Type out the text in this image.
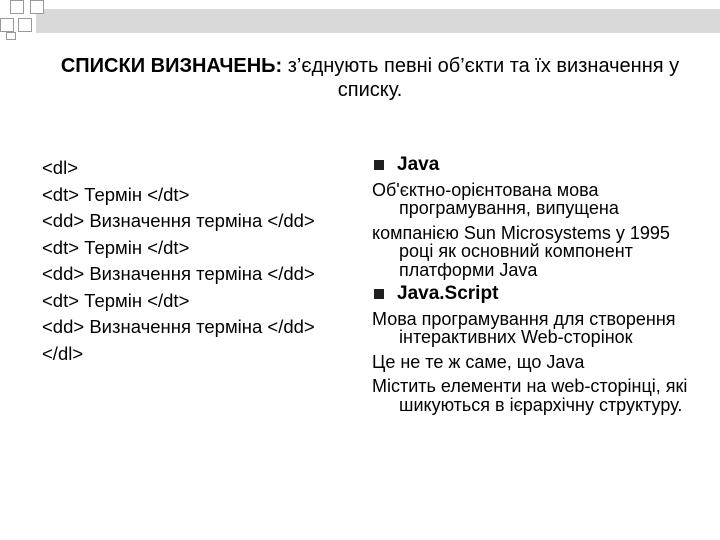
СПИСКИ ВИЗНАЧЕНЬ: з’єднують певні об’єкти та їх визначення у списку.
<dl>
<dt> Термін </dt>
<dd> Визначення терміна </dd>
<dt> Термін </dt>
<dd> Визначення терміна </dd>
<dt> Термін </dt>
<dd> Визначення терміна </dd>
</dl>
Java
Об'єктно-орієнтована мова програмування, випущена
компанією Sun Microsystems у 1995 році як основний компонент платформи Java
Java.Script
Мова програмування для створення інтерактивних Web-сторінок
Це не те ж саме, що Java
Містить елементи на web-сторінці, які шикуються в ієрархічну структуру.
